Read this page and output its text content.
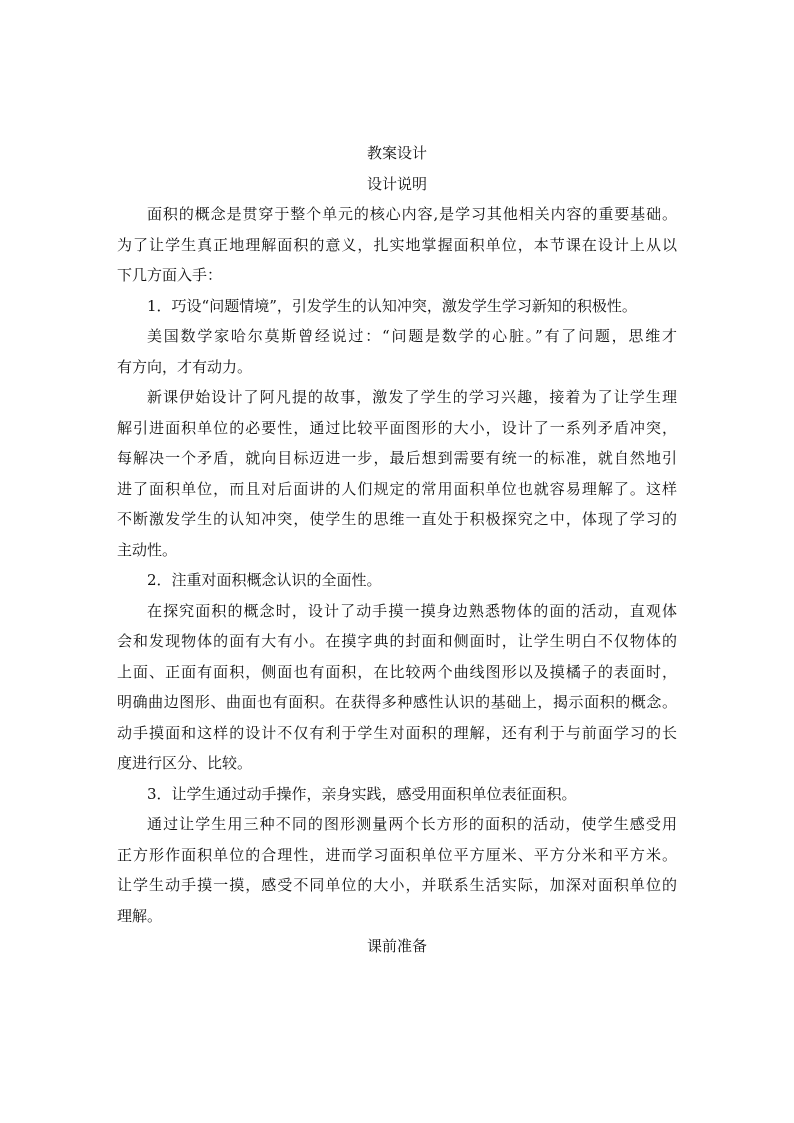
教案设计

设计说明

面积的概念是贯穿于整个单元的核心内容,是学习其他相关内容的重要基础。
为了让学生真正地理解面积的意义，扎实地掌握面积单位，本节课在设计上从以
下几方面入手：

1．巧设“问题情境”，引发学生的认知冲突，激发学生学习新知的积极性。

美国数学家哈尔莫斯曾经说过：“问题是数学的心脏。”有了问题，思维才
有方向，才有动力。

新课伊始设计了阿凡提的故事，激发了学生的学习兴趣，接着为了让学生理
解引进面积单位的必要性，通过比较平面图形的大小，设计了一系列矛盾冲突，
每解决一个矛盾，就向目标迈进一步，最后想到需要有统一的标准，就自然地引
进了面积单位，而且对后面讲的人们规定的常用面积单位也就容易理解了。这样
不断激发学生的认知冲突，使学生的思维一直处于积极探究之中，体现了学习的
主动性。

2．注重对面积概念认识的全面性。

在探究面积的概念时，设计了动手摸一摸身边熟悉物体的面的活动，直观体
会和发现物体的面有大有小。在摸字典的封面和侧面时，让学生明白不仅物体的
上面、正面有面积，侧面也有面积，在比较两个曲线图形以及摸橘子的表面时，
明确曲边图形、曲面也有面积。在获得多种感性认识的基础上，揭示面积的概念。
动手摸面和这样的设计不仅有利于学生对面积的理解，还有利于与前面学习的长
度进行区分、比较。

3．让学生通过动手操作，亲身实践，感受用面积单位表征面积。

通过让学生用三种不同的图形测量两个长方形的面积的活动，使学生感受用
正方形作面积单位的合理性，进而学习面积单位平方厘米、平方分米和平方米。
让学生动手摸一摸，感受不同单位的大小，并联系生活实际，加深对面积单位的
理解。

课前准备
